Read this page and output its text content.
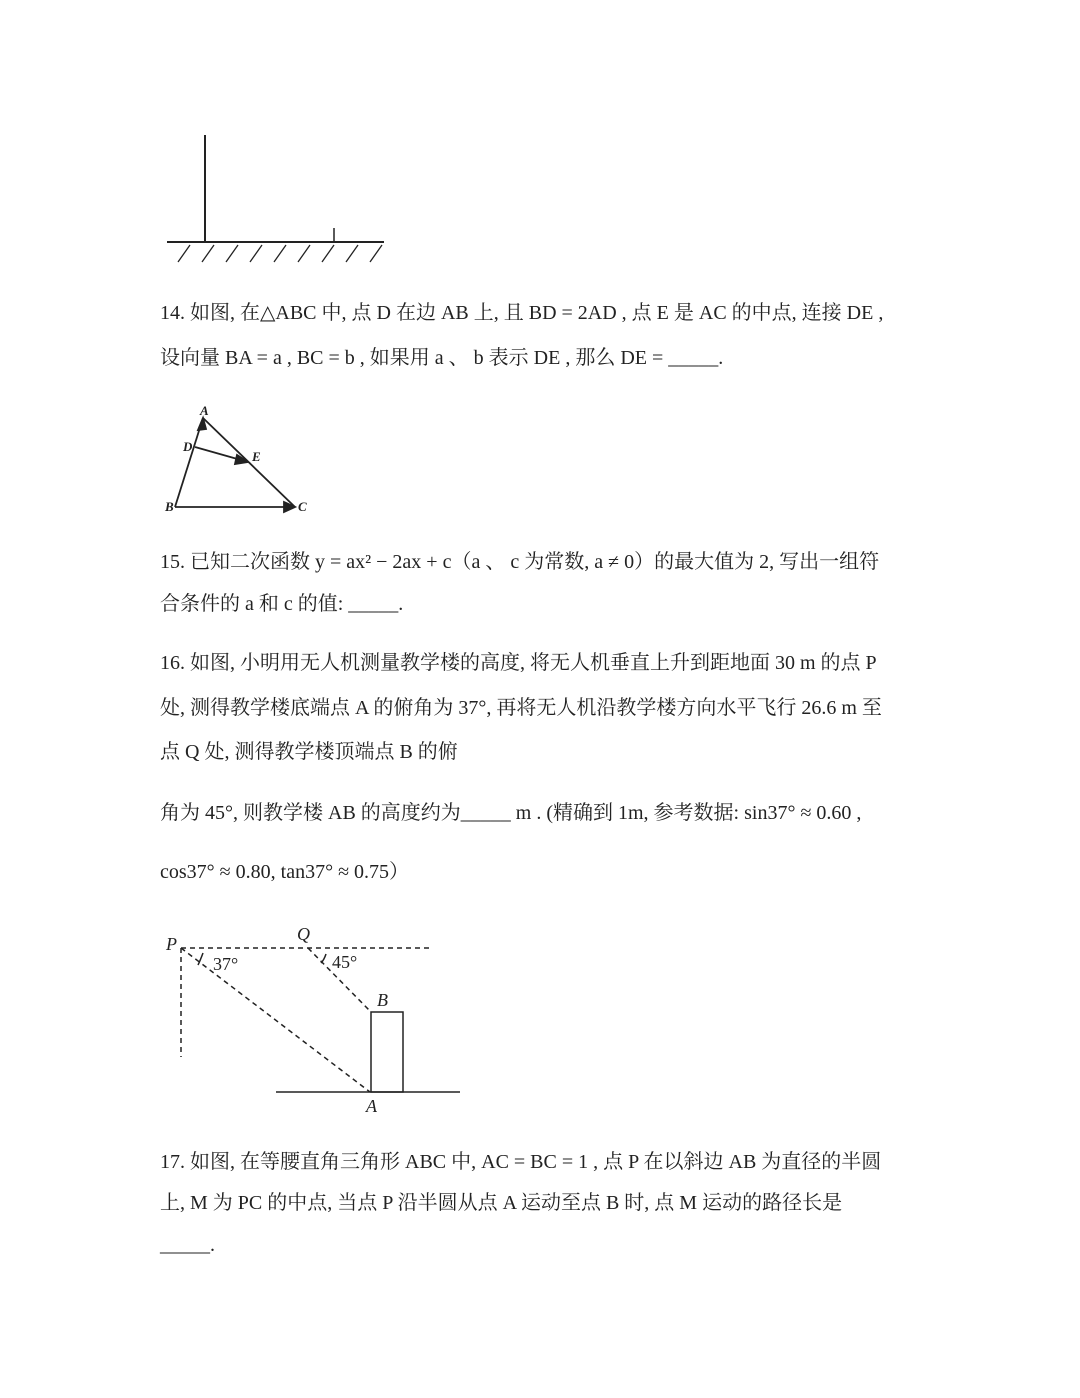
A
B	C
D
E
P	Q
B
A
37°	45°
14. 如图, 在△ABC 中, 点 D 在边 AB 上, 且 BD = 2AD , 点 E 是 AC 的中点, 连接 DE ,
设向量 BA = a , BC = b , 如果用 a 、 b 表示 DE , 那么 DE = _____.
15. 已知二次函数 y = ax² − 2ax + c（a 、 c 为常数, a ≠ 0）的最大值为 2, 写出一组符
合条件的 a 和 c 的值: _____.
16. 如图, 小明用无人机测量教学楼的高度, 将无人机垂直上升到距地面 30 m 的点 P
处, 测得教学楼底端点 A 的俯角为 37°, 再将无人机沿教学楼方向水平飞行 26.6 m 至
点 Q 处, 测得教学楼顶端点 B 的俯
角为 45°, 则教学楼 AB 的高度约为_____ m . (精确到 1m, 参考数据: sin37° ≈ 0.60 ,
cos37° ≈ 0.80, tan37° ≈ 0.75）
17. 如图, 在等腰直角三角形 ABC 中, AC = BC = 1 , 点 P 在以斜边 AB 为直径的半圆
上, M 为 PC 的中点, 当点 P 沿半圆从点 A 运动至点 B 时, 点 M 运动的路径长是
_____.
